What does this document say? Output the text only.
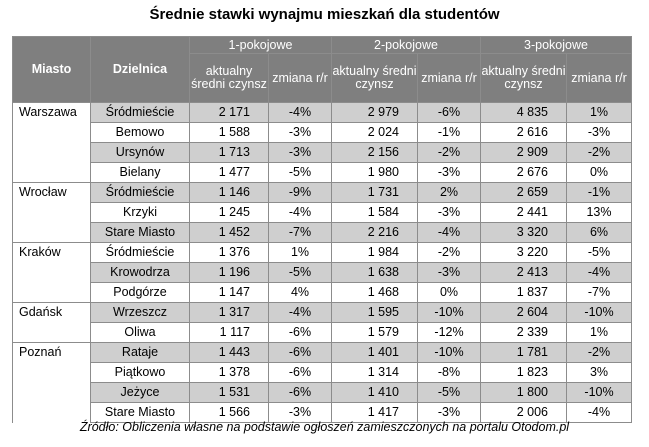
Średnie stawki wynajmu mieszkań dla studentów
Miasto	Dzielnica	1-pokojowe		2-pokojowe		3-pokojowe	
		aktualny średni czynsz	zmiana r/r	aktualny średni czynsz	zmiana r/r	aktualny średni czynsz	zmiana r/r
Warszawa	Śródmieście	2 171	-4%	2 979	-6%	4 835	1%
	Bemowo	1 588	-3%	2 024	-1%	2 616	-3%
	Ursynów	1 713	-3%	2 156	-2%	2 909	-2%
	Bielany	1 477	-5%	1 980	-3%	2 676	0%
Wrocław	Śródmieście	1 146	-9%	1 731	2%	2 659	-1%
	Krzyki	1 245	-4%	1 584	-3%	2 441	13%
	Stare Miasto	1 452	-7%	2 216	-4%	3 320	6%
Kraków	Śródmieście	1 376	1%	1 984	-2%	3 220	-5%
	Krowodrza	1 196	-5%	1 638	-3%	2 413	-4%
	Podgórze	1 147	4%	1 468	0%	1 837	-7%
Gdańsk	Wrzeszcz	1 317	-4%	1 595	-10%	2 604	-10%
	Oliwa	1 117	-6%	1 579	-12%	2 339	1%
Poznań	Rataje	1 443	-6%	1 401	-10%	1 781	-2%
	Piątkowo	1 378	-6%	1 314	-8%	1 823	3%
	Jeżyce	1 531	-6%	1 410	-5%	1 800	-10%
	Stare Miasto	1 566	-3%	1 417	-3%	2 006	-4%
Źródło: Obliczenia własne na podstawie ogłoszeń zamieszczonych na portalu Otodom.pl
